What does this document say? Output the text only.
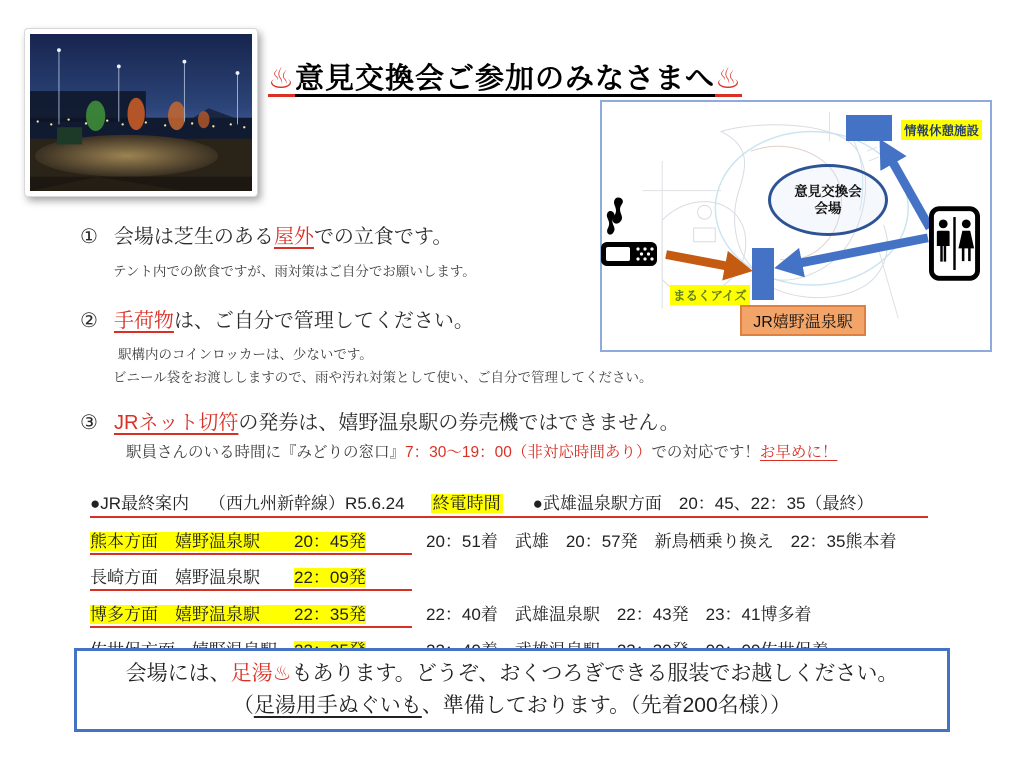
♨意見交換会ご参加のみなさまへ♨
情報休憩施設
意見交換会
会場
まるくアイズ
JR嬉野温泉駅
① 会場は芝生のある屋外での立食です。
テント内での飲食ですが、雨対策はご自分でお願いします。
② 手荷物は、ご自分で管理してください。
駅構内のコインロッカーは、少ないです。
ビニール袋をお渡ししますので、雨や汚れ対策として使い、ご自分で管理してください。
③ JRネット切符の発券は、嬉野温泉駅の券売機ではできません。
駅員さんのいる時間に『みどりの窓口』7：30～19：00（非対応時間あり）での対応です！お早めに！
●JR最終案内 （西九州新幹線）R5.6.24 終電時間 ●武雄温泉駅方面　20：45、22：35（最終）
熊本方面　嬉野温泉駅　　20：45発	20：51着　武雄　20：57発　新鳥栖乗り換え　22：35熊本着
長崎方面　嬉野温泉駅　　22：09発
博多方面　嬉野温泉駅　　22：35発	22：40着　武雄温泉駅　22：43発　23：41博多着
会場には、足湯♨もあります。どうぞ、おくつろぎできる服装でお越しください。
（足湯用手ぬぐいも、準備しております。（先着200名様））
